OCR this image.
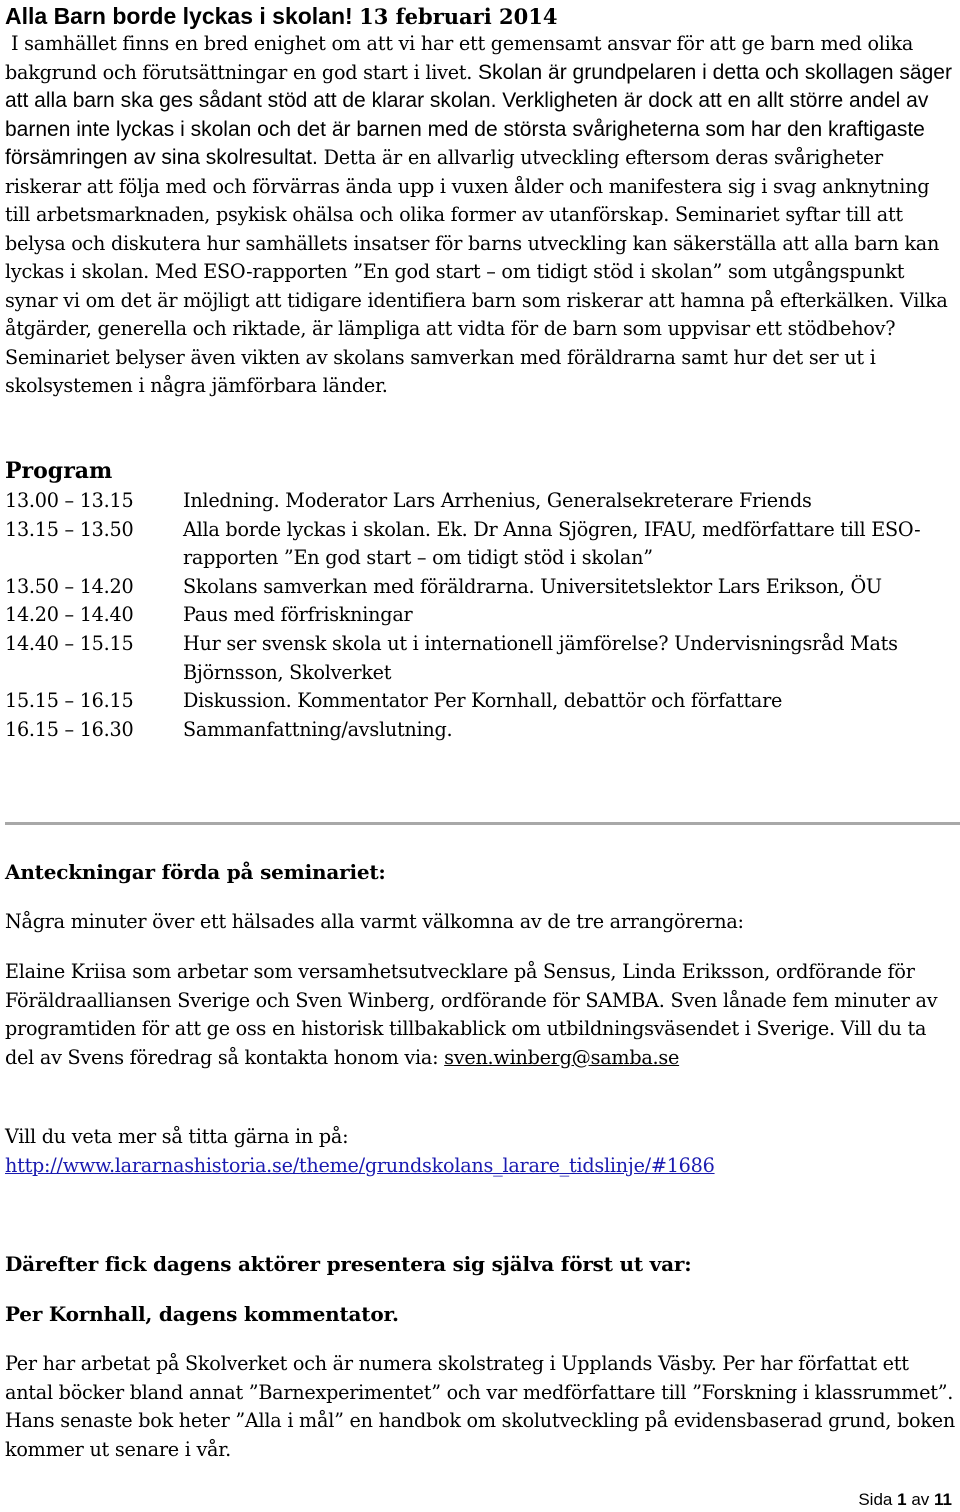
Alla Barn borde lyckas i skolan! 13 februari 2014
I samhället finns en bred enighet om att vi har ett gemensamt ansvar för att ge barn med olika bakgrund och förutsättningar en god start i livet. Skolan är grundpelaren i detta och skollagen säger att alla barn ska ges sådant stöd att de klarar skolan. Verkligheten är dock att en allt större andel av barnen inte lyckas i skolan och det är barnen med de största svårigheterna som har den kraftigaste försämringen av sina skolresultat. Detta är en allvarlig utveckling eftersom deras svårigheter riskerar att följa med och förvärras ända upp i vuxen ålder och manifestera sig i svag anknytning till arbetsmarknaden, psykisk ohälsa och olika former av utanförskap. Seminariet syftar till att belysa och diskutera hur samhällets insatser för barns utveckling kan säkerställa att alla barn kan lyckas i skolan. Med ESO-rapporten ”En god start – om tidigt stöd i skolan” som utgångspunkt synar vi om det är möjligt att tidigare identifiera barn som riskerar att hamna på efterkälken. Vilka åtgärder, generella och riktade, är lämpliga att vidta för de barn som uppvisar ett stödbehov? Seminariet belyser även vikten av skolans samverkan med föräldrarna samt hur det ser ut i skolsystemen i några jämförbara länder.
Program
13.00 – 13.15	Inledning. Moderator Lars Arrhenius, Generalsekreterare Friends
13.15 – 13.50	Alla borde lyckas i skolan. Ek. Dr Anna Sjögren, IFAU, medförfattare till ESO- rapporten ”En god start – om tidigt stöd i skolan”
13.50 – 14.20	Skolans samverkan med föräldrarna. Universitetslektor Lars Erikson, ÖU
14.20 – 14.40	Paus med förfriskningar
14.40 – 15.15	Hur ser svensk skola ut i internationell jämförelse? Undervisningsråd Mats Björnsson, Skolverket
15.15 – 16.15	Diskussion. Kommentator Per Kornhall, debattör och författare
16.15 – 16.30	Sammanfattning/avslutning.
Anteckningar förda på seminariet:
Några minuter över ett hälsades alla varmt välkomna av de tre arrangörerna:
Elaine Kriisa som arbetar som versamhetsutvecklare på Sensus, Linda Eriksson, ordförande för Föräldraalliansen Sverige och Sven Winberg, ordförande för SAMBA. Sven lånade fem minuter av programtiden för att ge oss en historisk tillbakablick om utbildningsväsendet i Sverige. Vill du ta del av Svens föredrag så kontakta honom via: sven.winberg@samba.se
Vill du veta mer så titta gärna in på:
http://www.lararnashistoria.se/theme/grundskolans_larare_tidslinje/#1686
Därefter fick dagens aktörer presentera sig själva först ut var:
Per Kornhall, dagens kommentator.
Per har arbetat på Skolverket och är numera skolstrateg i Upplands Väsby. Per har författat ett antal böcker bland annat ”Barnexperimentet” och var medförfattare till ”Forskning i klassrummet”. Hans senaste bok heter ”Alla i mål” en handbok om skolutveckling på evidensbaserad grund, boken kommer ut senare i vår.
Sida 1 av 11
